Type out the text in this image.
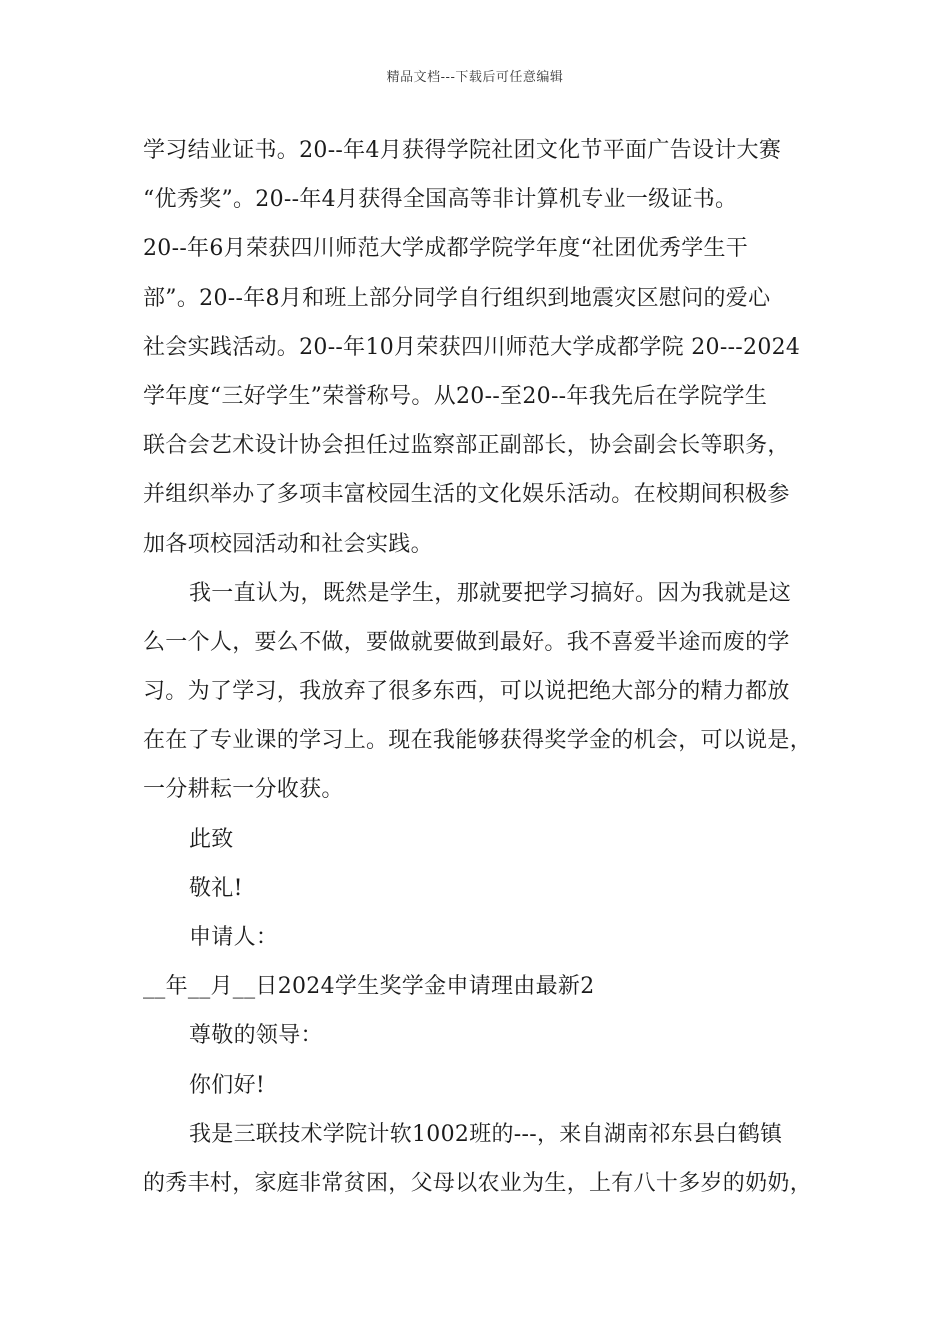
精品文档---下载后可任意编辑
学习结业证书。20--年4月获得学院社团文化节平面广告设计大赛
“优秀奖”。20--年4月获得全国高等非计算机专业一级证书。
20--年6月荣获四川师范大学成都学院学年度“社团优秀学生干
部”。20--年8月和班上部分同学自行组织到地震灾区慰问的爱心
社会实践活动。20--年10月荣获四川师范大学成都学院 20---2024
学年度“三好学生”荣誉称号。从20--至20--年我先后在学院学生
联合会艺术设计协会担任过监察部正副部长，协会副会长等职务，
并组织举办了多项丰富校园生活的文化娱乐活动。在校期间积极参
加各项校园活动和社会实践。
我一直认为，既然是学生，那就要把学习搞好。因为我就是这
么一个人，要么不做，要做就要做到最好。我不喜爱半途而废的学
习。为了学习，我放弃了很多东西，可以说把绝大部分的精力都放
在在了专业课的学习上。现在我能够获得奖学金的机会，可以说是，
一分耕耘一分收获。
此致
敬礼!
申请人：
__年__月__日2024学生奖学金申请理由最新2
尊敬的领导：
你们好!
我是三联技术学院计软1002班的---，来自湖南祁东县白鹤镇
的秀丰村，家庭非常贫困，父母以农业为生，上有八十多岁的奶奶，
